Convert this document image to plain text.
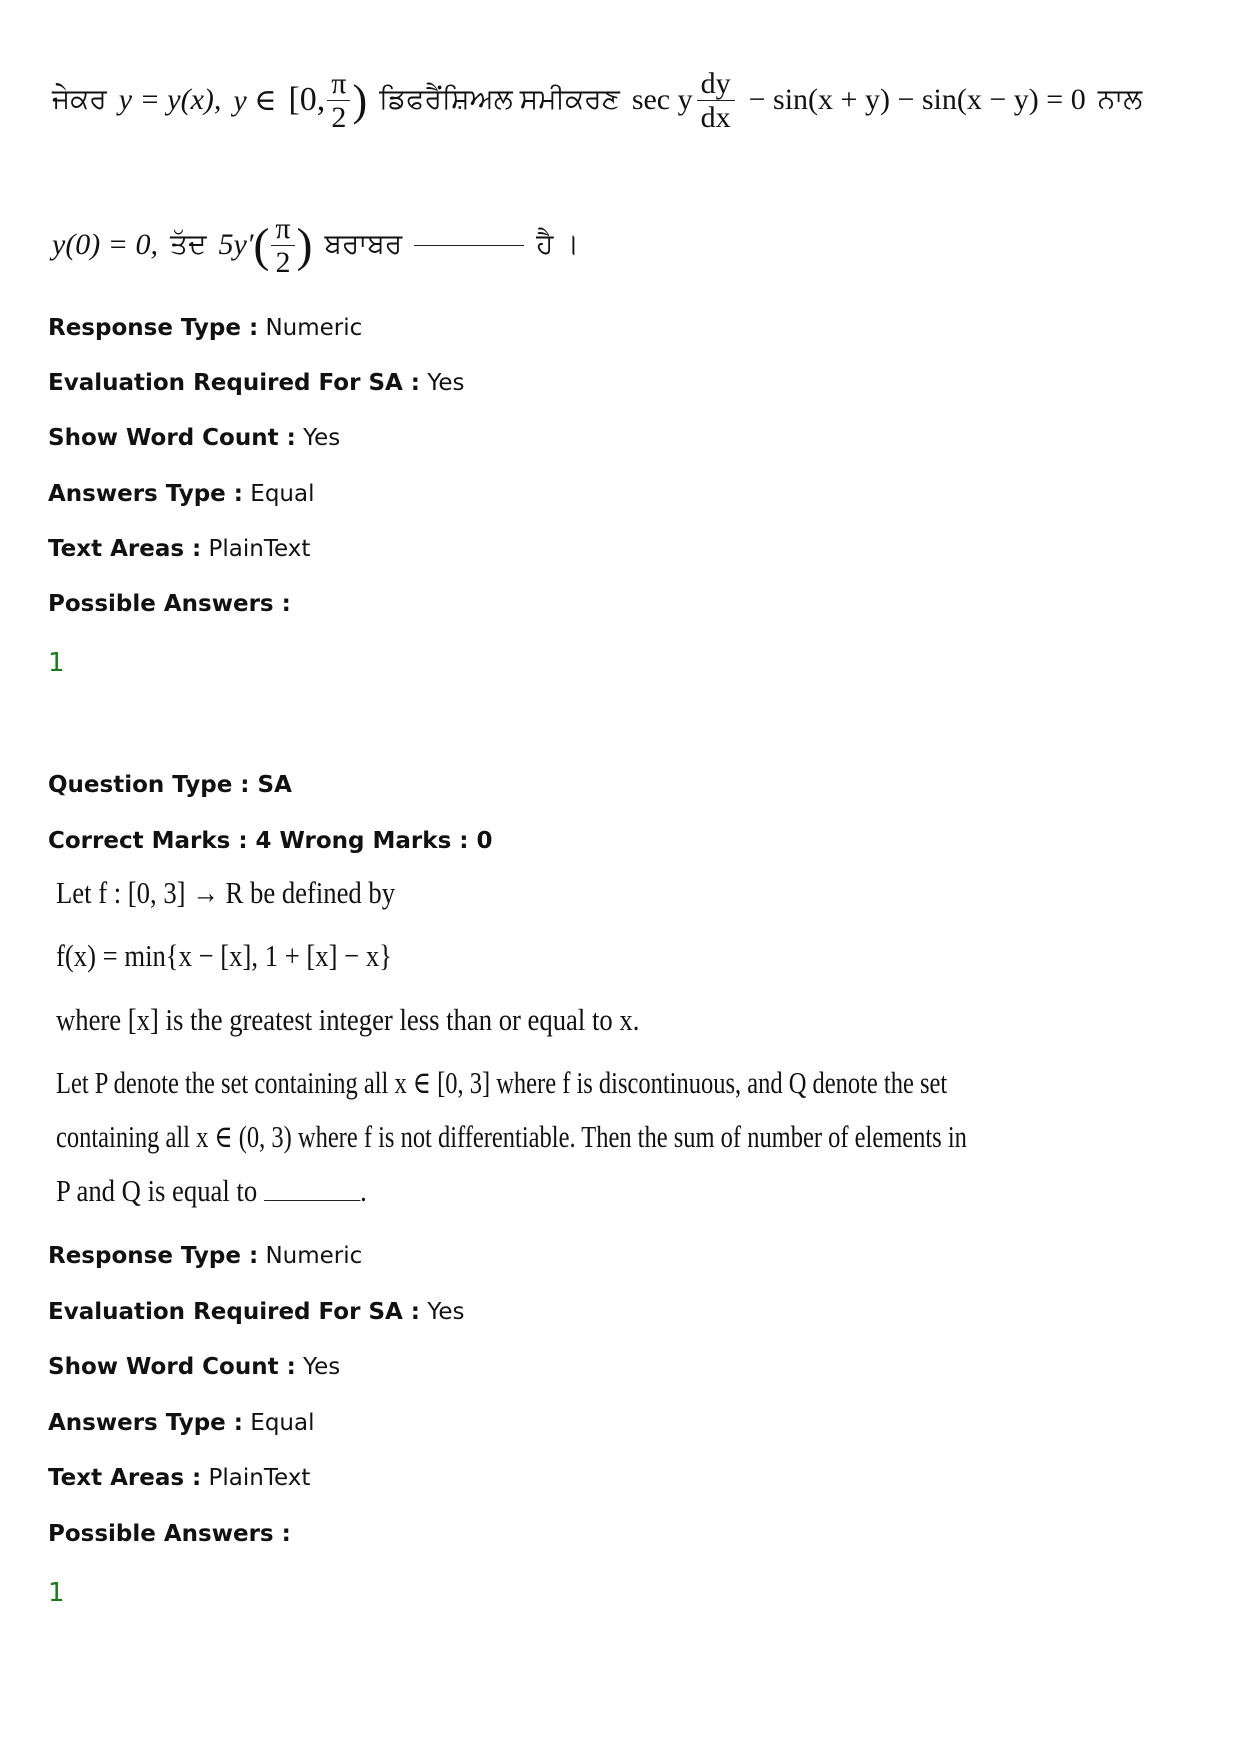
ਜੇਕਰ y = y(x), y ∈ [0, $\frac{\pi}{2}$ ) ਡਿਫਰੈਂਸ਼ਿਅਲ ਸਮੀਕਰਣ sec y $\frac{dy}{dx} - \sin(x + y) - \sin(x - y) = 0$ ਨਾਲ
y(0) = 0, ਤੱਦ 5y′ ( $\frac{\pi}{2}$ ) ਬਰਾਬਰ	ਹੈ ।
Response Type : Numeric
Evaluation Required For SA : Yes
Show Word Count : Yes
Answers Type : Equal
Text Areas : PlainText
Possible Answers :
1
Question Type : SA
Correct Marks : 4 Wrong Marks : 0
Let f : [0, 3] → R be defined by
f(x) = min{x − [x], 1 + [x] − x}
where [x] is the greatest integer less than or equal to x.
Let P denote the set containing all x ∈ [0, 3] where f is discontinuous, and Q denote the set
containing all x ∈ (0, 3) where f is not differentiable. Then the sum of number of elements in
P and Q is equal to	.
Response Type : Numeric
Evaluation Required For SA : Yes
Show Word Count : Yes
Answers Type : Equal
Text Areas : PlainText
Possible Answers :
1
